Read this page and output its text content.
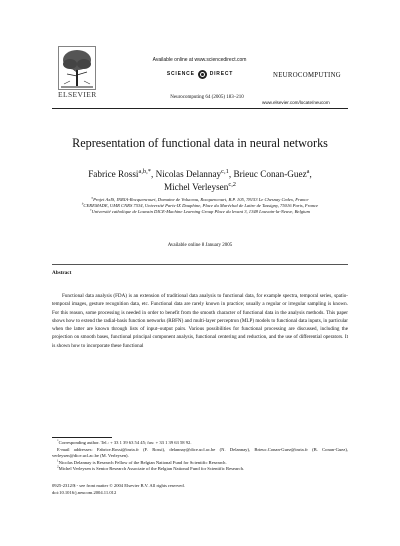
ELSEVIER
Available online at www.sciencedirect.com
SCIENCE	DIRECT
Neurocomputing 64 (2005) 183–210
NEUROCOMPUTING
www.elsevier.com/locate/neucom
Representation of functional data in neural networks
Fabrice Rossi$^{a,b,*}$, Nicolas Delannay$^{c,1}$, Brieuc Conan-Guez$^a$,
Michel Verleysen$^{c,2}$
$^a$Projet AxIS, INRIA-Rocquencourt, Domaine de Voluceau, Rocquencourt, B.P. 105, 78153 Le Chesnay Cedex, France
$^b$CEREMADE, UMR CNRS 7534, Université Paris-IX Dauphine, Place du Maréchal de Lattre de Tassigny, 75016 Paris, France
$^c$Université catholique de Louvain DICE-Machine Learning Group Place du levant 3, 1348 Louvain-la-Neuve, Belgium
Available online 8 January 2005
Abstract
Functional data analysis (FDA) is an extension of traditional data analysis to functional data, for example spectra, temporal series, spatio-temporal images, gesture recognition data, etc. Functional data are rarely known in practice; usually a regular or irregular sampling is known. For this reason, some processing is needed in order to benefit from the smooth character of functional data in the analysis methods. This paper shows how to extend the radial-basis function networks (RBFN) and multi-layer perceptron (MLP) models to functional data inputs, in particular when the latter are known through lists of input–output pairs. Various possibilities for functional processing are discussed, including the projection on smooth bases, functional principal component analysis, functional centering and reduction, and the use of differential operators. It is shown how to incorporate these functional
*Corresponding author. Tel.: + 33 1 39 63 54 45; fax: + 33 1 39 63 58 92.
E-mail addresses: Fabrice.Rossi@inria.fr (F. Rossi), delannay@dice.ucl.ac.be (N. Delannay), Brieuc.Conan-Guez@inria.fr (B. Conan-Guez), verleysen@dice.ucl.ac.be (M. Verleysen).
$^1$Nicolas Delannay is Research Fellow of the Belgian National Fund for Scientific Research.
$^2$Michel Verleysen is Senior Research Associate of the Belgian National Fund for Scientific Research.
0925-2312/$ - see front matter © 2004 Elsevier B.V. All rights reserved.
doi:10.1016/j.neucom.2004.11.012
